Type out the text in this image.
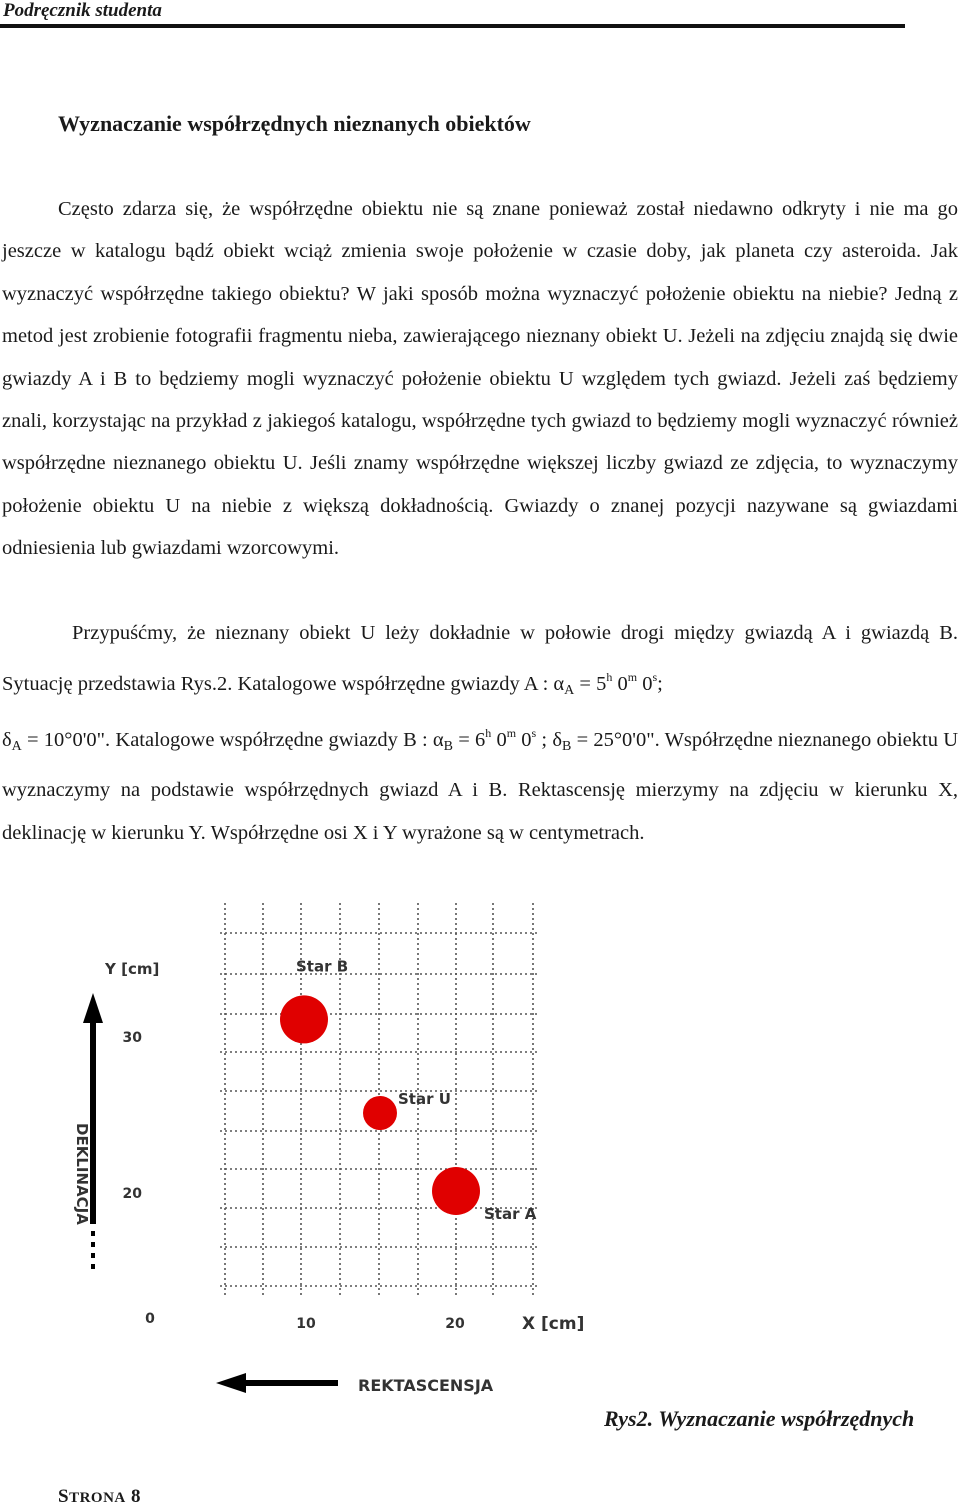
Podręcznik studenta
Wyznaczanie współrzędnych nieznanych obiektów

Często zdarza się, że współrzędne obiektu nie są znane ponieważ został niedawno odkryty i nie ma go jeszcze w katalogu bądź obiekt wciąż zmienia swoje położenie w czasie doby, jak planeta czy asteroida. Jak wyznaczyć współrzędne takiego obiektu? W jaki sposób można wyznaczyć położenie obiektu na niebie? Jedną z metod jest zrobienie fotografii fragmentu nieba, zawierającego nieznany obiekt U. Jeżeli na zdjęciu znajdą się dwie gwiazdy A i B to będziemy mogli wyznaczyć położenie obiektu U względem tych gwiazd. Jeżeli zaś będziemy znali, korzystając na przykład z jakiegoś katalogu, współrzędne tych gwiazd to będziemy mogli wyznaczyć również współrzędne nieznanego obiektu U. Jeśli znamy współrzędne większej liczby gwiazd ze zdjęcia, to wyznaczymy położenie obiektu U na niebie z większą dokładnością. Gwiazdy o znanej pozycji nazywane są gwiazdami odniesienia lub gwiazdami wzorcowymi.

Przypuśćmy, że nieznany obiekt U leży dokładnie w połowie drogi między gwiazdą A i gwiazdą B. Sytuację przedstawia Rys.2. Katalogowe współrzędne gwiazdy A : $\alpha_A = 5^h$ 0$^m$ 0$^s$;
$\delta_A = 10^\circ 0'0$". Katalogowe współrzędne gwiazdy B : $\alpha_B = 6^h$ 0$^m$ 0$^s$ ; $\delta_B = 25^\circ 0'0$". Współrzędne nieznanego obiektu U wyznaczymy na podstawie współrzędnych gwiazd A i B. Rektascensję mierzymy na zdjęciu w kierunku X, deklinację w kierunku Y. Współrzędne osi X i Y wyrażone są w centymetrach.

Y [cm]
DEKLINACJA
30
20
0	10	20	X [cm]
REKTASCENSJA
Star B
Star U
Star A
Rys2. Wyznaczanie współrzędnych
STRONA 8
